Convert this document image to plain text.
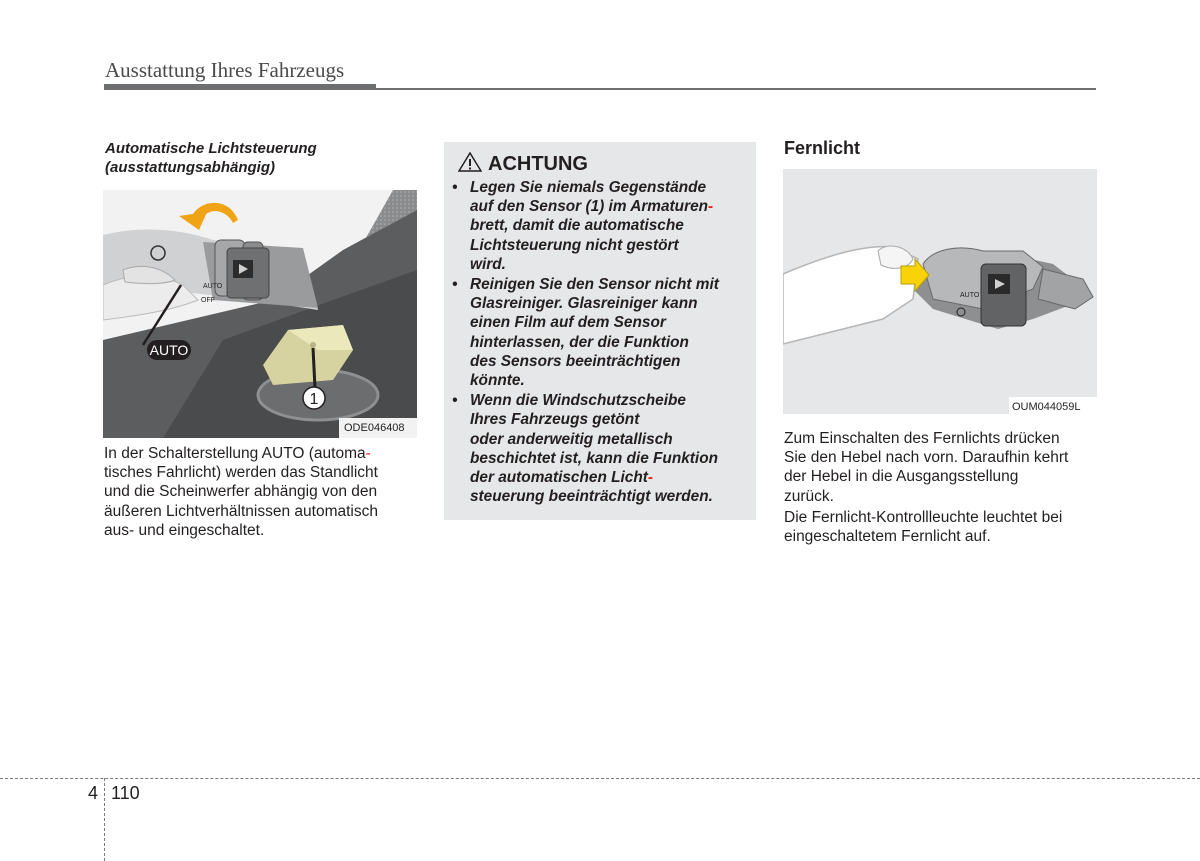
Ausstattung Ihres Fahrzeugs
Automatische Lichtsteuerung
(ausstattungsabhängig)
1
AUTO
OFF
AUTO
ODE046408
In der Schalterstellung AUTO (automa-
tisches Fahrlicht) werden das Standlicht
und die Scheinwerfer abhängig von den
äußeren Lichtverhältnissen automatisch
aus- und eingeschaltet.
ACHTUNG
• Legen Sie niemals Gegenstände
auf den Sensor (1) im Armaturen-
brett, damit die automatische
Lichtsteuerung nicht gestört
wird.
• Reinigen Sie den Sensor nicht mit
Glasreiniger. Glasreiniger kann
einen Film auf dem Sensor
hinterlassen, der die Funktion
des Sensors beeinträchtigen
könnte.
• Wenn die Windschutzscheibe
Ihres Fahrzeugs getönt
oder anderweitig metallisch
beschichtet ist, kann die Funktion
der automatischen Licht-
steuerung beeinträchtigt werden.
Fernlicht
AUTO
OUM044059L
Zum Einschalten des Fernlichts drücken
Sie den Hebel nach vorn. Daraufhin kehrt
der Hebel in die Ausgangsstellung
zurück.
Die Fernlicht-Kontrollleuchte leuchtet bei
eingeschaltetem Fernlicht auf.
4 110
